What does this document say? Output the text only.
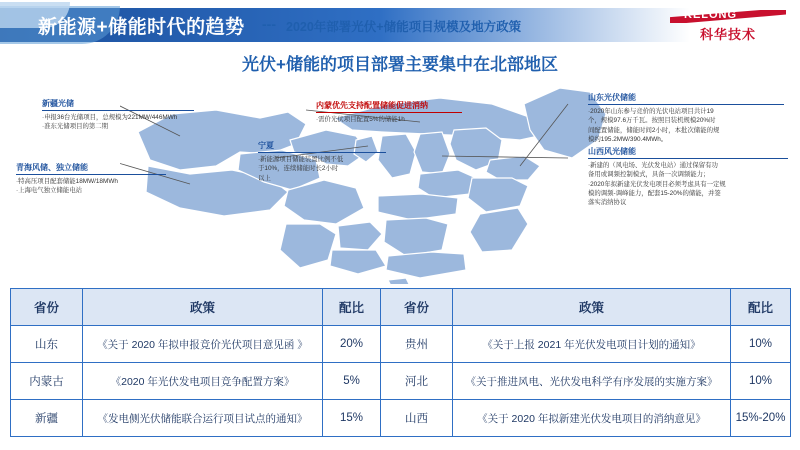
新能源+储能时代的趋势 --- 2020年部署光伏+储能项目规模及地方政策
KELONG
科华技术
光伏+储能的项目部署主要集中在北部地区
新疆光储
·申报36台光储项目，总规模为221MW/446MWh
·准东光储项目的第二期
青海风储、独立储能
·特高压项目配套储能18MW/18MWh
·上海电气独立储能电站
内蒙优先支持配置储能促进消纳
·需价光伏项目配置5%的储能1h
宁夏
·新能源项目储能装置比例不低
于10%，连续储能时长2小时
以上
山东光伏储能
·2020年山东参与竞价的光伏电站项目共计19
个，规模97.6万千瓦。按照目装机规模20%时
间配置储能，储能时间2小时，本批次储能的规
模约195.2MW/390.4MWh。
山西风光储能
·新建的（风电场、光伏发电站）通过保留有功
备用或调频控制模式，具备一次调频能力；
·2020年拟新建光伏发电项目必须考虑具有一定规
模的调频-调峰能力，配套15-20%的储能，并签
落实消纳协议
省份	政策	配比	省份	政策	配比
山东	《关于 2020 年拟申报竞价光伏项目意见函 》	20%	贵州	《关于上报 2021 年光伏发电项目计划的通知》	10%
内蒙古	《2020 年光伏发电项目竞争配置方案》	5%	河北	《关于推进风电、光伏发电科学有序发展的实施方案》	10%
新疆	《发电侧光伏储能联合运行项目试点的通知》	15%	山西	《关于 2020 年拟新建光伏发电项目的消纳意见》	15%-20%
